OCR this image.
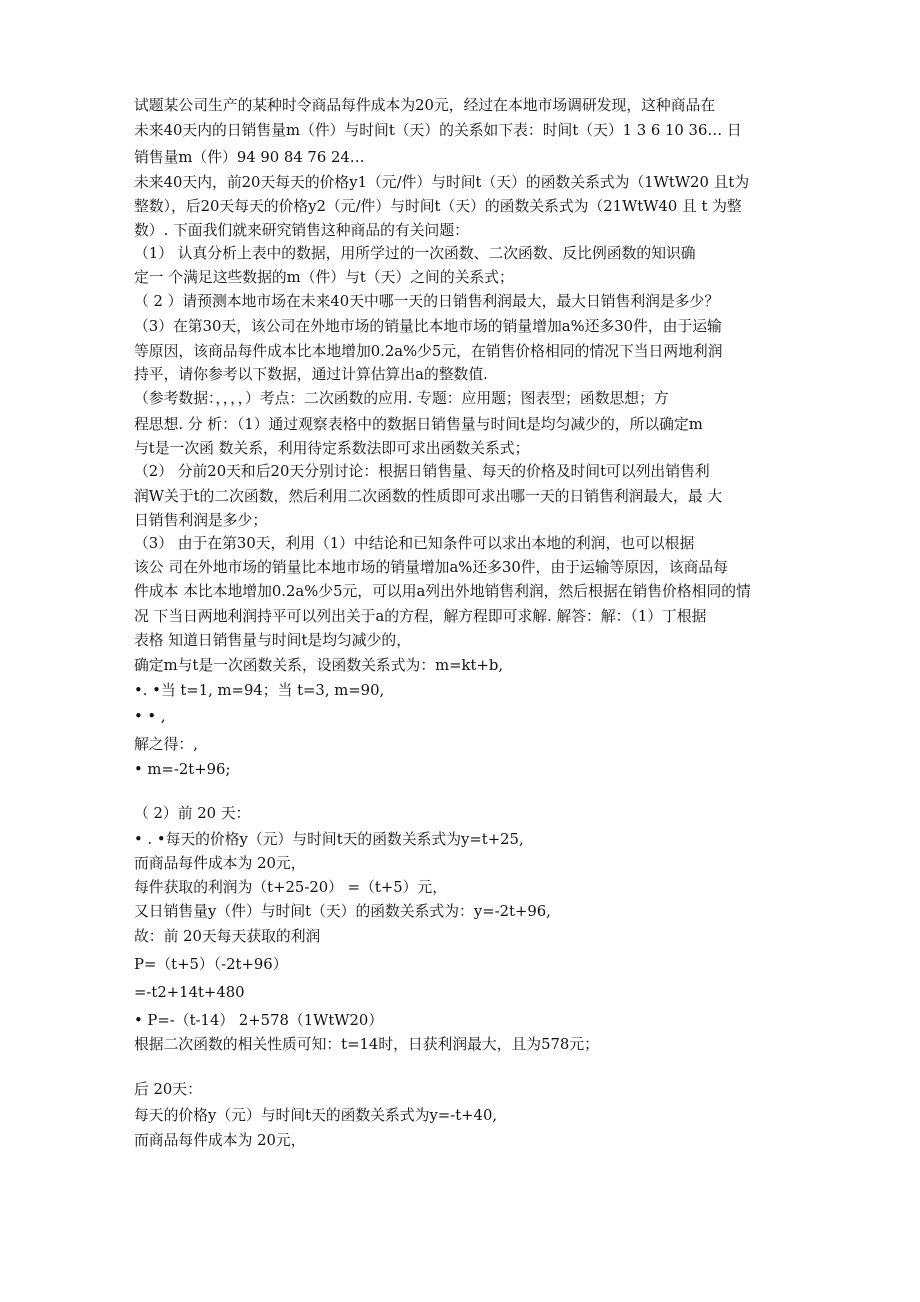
试题某公司生产的某种时令商品每件成本为20元，经过在本地市场调研发现，这种商品在
未来40天内的日销售量m（件）与时间t（天）的关系如下表：时间t（天）1 3 6 10 36… 日
销售量m（件）94 90 84 76 24…
未来40天内，前20天每天的价格y1（元/件）与时间t（天）的函数关系式为（1WtW20 且t为
整数），后20天每天的价格y2（元/件）与时间t（天）的函数关系式为（21WtW40 且 t 为整
数）. 下面我们就来研究销售这种商品的有关问题：
（1） 认真分析上表中的数据，用所学过的一次函数、二次函数、反比例函数的知识确
定一 个满足这些数据的m（件）与t（天）之间的关系式；
（ 2 ）请预测本地市场在未来40天中哪一天的日销售利润最大，最大日销售利润是多少？
（3）在第30天，该公司在外地市场的销量比本地市场的销量增加a%还多30件，由于运输
等原因，该商品每件成本比本地增加0.2a%少5元，在销售价格相同的情况下当日两地利润
持平，请你参考以下数据，通过计算估算出a的整数值.
（参考数据：，，，，）考点：二次函数的应用. 专题：应用题；图表型；函数思想；方
程思想. 分 析：（1）通过观察表格中的数据日销售量与时间t是均匀减少的，所以确定m
与t是一次函 数关系，利用待定系数法即可求出函数关系式；
（2） 分前20天和后20天分别讨论：根据日销售量、每天的价格及时间t可以列出销售利
润W关于t的二次函数，然后利用二次函数的性质即可求出哪一天的日销售利润最大，最 大
日销售利润是多少；
（3） 由于在第30天，利用（1）中结论和已知条件可以求出本地的利润，也可以根据
该公 司在外地市场的销量比本地市场的销量增加a%还多30件，由于运输等原因，该商品每
件成本 本比本地增加0.2a%少5元，可以用a列出外地销售利润，然后根据在销售价格相同的情
况 下当日两地利润持平可以列出关于a的方程，解方程即可求解. 解答：解：（1）丁根据
表格 知道日销售量与时间t是均匀减少的，
确定m与t是一次函数关系，设函数关系式为：m=kt+b,
•. •当 t=1, m=94；当 t=3, m=90,
• • ,
解之得：,
• m=-2t+96;
（ 2）前 20 天：
• . •每天的价格y（元）与时间t天的函数关系式为y=t+25,
而商品每件成本为 20元，
每件获取的利润为（t+25-20） =（t+5）元，
又日销售量y（件）与时间t（天）的函数关系式为：y=-2t+96,
故：前 20天每天获取的利润
P=（t+5）（-2t+96）
=-t2+14t+480
• P=-（t-14） 2+578（1WtW20）
根据二次函数的相关性质可知：t=14时，日获利润最大，且为578元；
后 20天：
每天的价格y（元）与时间t天的函数关系式为y=-t+40,
而商品每件成本为 20元，
